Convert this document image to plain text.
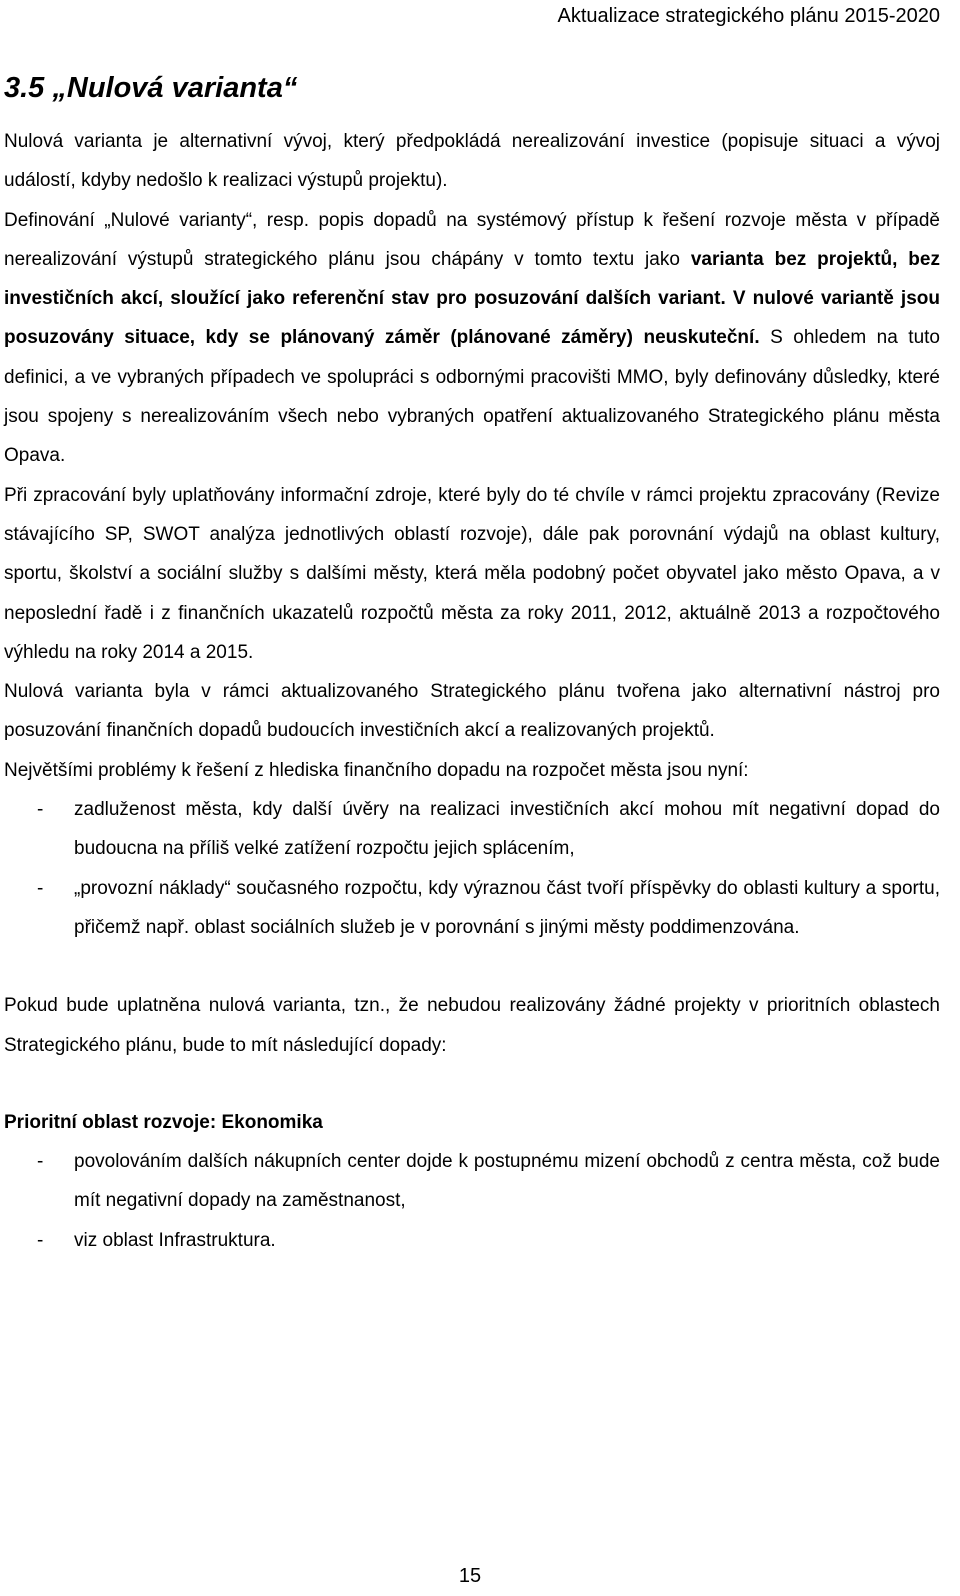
Aktualizace strategického plánu 2015-2020
3.5 „Nulová varianta“

Nulová varianta je alternativní vývoj, který předpokládá nerealizování investice (popisuje situaci a vývoj událostí, kdyby nedošlo k realizaci výstupů projektu).

Definování „Nulové varianty“, resp. popis dopadů na systémový přístup k řešení rozvoje města v případě nerealizování výstupů strategického plánu jsou chápány v tomto textu jako varianta bez projektů, bez investičních akcí, sloužící jako referenční stav pro posuzování dalších variant. V nulové variantě jsou posuzovány situace, kdy se plánovaný záměr (plánované záměry) neuskuteční. S ohledem na tuto definici, a ve vybraných případech ve spolupráci s odbornými pracovišti MMO, byly definovány důsledky, které jsou spojeny s nerealizováním všech nebo vybraných opatření aktualizovaného Strategického plánu města Opava.

Při zpracování byly uplatňovány informační zdroje, které byly do té chvíle v rámci projektu zpracovány (Revize stávajícího SP, SWOT analýza jednotlivých oblastí rozvoje), dále pak porovnání výdajů na oblast kultury, sportu, školství a sociální služby s dalšími městy, která měla podobný počet obyvatel jako město Opava, a v neposlední řadě i z finančních ukazatelů rozpočtů města za roky 2011, 2012, aktuálně 2013 a rozpočtového výhledu na roky 2014 a 2015.

Nulová varianta byla v rámci aktualizovaného Strategického plánu tvořena jako alternativní nástroj pro posuzování finančních dopadů budoucích investičních akcí a realizovaných projektů.

Největšími problémy k řešení z hlediska finančního dopadu na rozpočet města jsou nyní:

- zadluženost města, kdy další úvěry na realizaci investičních akcí mohou mít negativní dopad do budoucna na příliš velké zatížení rozpočtu jejich splácením,
- „provozní náklady“ současného rozpočtu, kdy výraznou část tvoří příspěvky do oblasti kultury a sportu, přičemž např. oblast sociálních služeb je v porovnání s jinými městy poddimenzována.

Pokud bude uplatněna nulová varianta, tzn., že nebudou realizovány žádné projekty v prioritních oblastech Strategického plánu, bude to mít následující dopady:

Prioritní oblast rozvoje: Ekonomika

- povolováním dalších nákupních center dojde k postupnému mizení obchodů z centra města, což bude mít negativní dopady na zaměstnanost,
- viz oblast Infrastruktura.
15
